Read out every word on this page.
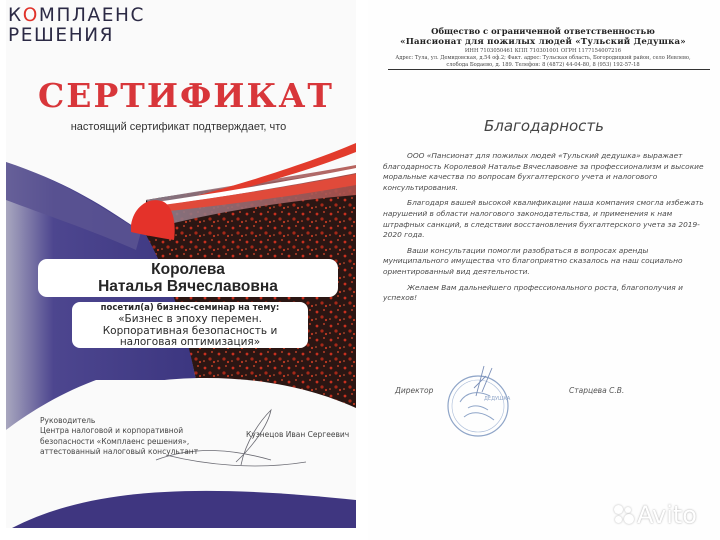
КОМПЛАЕНС
РЕШЕНИЯ
СЕРТИФИКАТ
настоящий сертификат подтверждает, что
Королева
Наталья Вячеславовна
посетил(а) бизнес-семинар на тему:
«Бизнес в эпоху перемен.
Корпоративная безопасность и
налоговая оптимизация»
Руководитель
Центра налоговой и корпоративной
безопасности «Комплаенс решения»,
аттестованный налоговый консультант
Кузнецов Иван Сергеевич
Общество с ограниченной ответственностью
«Пансионат для пожилых людей «Тульский Дедушка»
ИНН 7103050461 КПП 710301001 ОГРН 1177154007216
Адрес: Тула, ул. Демидовская, д.54 оф.2; Факт. адрес: Тульская область, Богородицкий район, село Иевлево,
слобода Бодаево, д. 189. Телефон: 8 (4872) 44-04-80, 8 (953) 192-57-18
Благодарность

ООО «Пансионат для пожилых людей «Тульский дедушка» выражает благодарность Королевой Наталье Вячеславовне за профессионализм и высокие моральные качества по вопросам бухгалтерского учета и налогового консультирования.

Благодаря вашей высокой квалификации наша компания смогла избежать нарушений в области налогового законодательства, и применения к нам штрафных санкций, в следствии восстановления бухгалтерского учета за 2019-2020 года.

Ваши консультации помогли разобраться в вопросах аренды муниципального имущества что благоприятно сказалось на наш социально ориентированный вид деятельности.

Желаем Вам дальнейшего профессионального роста, благополучия и успехов!

Директор
ДЕДУШКА
Старцева С.В.
Avito
